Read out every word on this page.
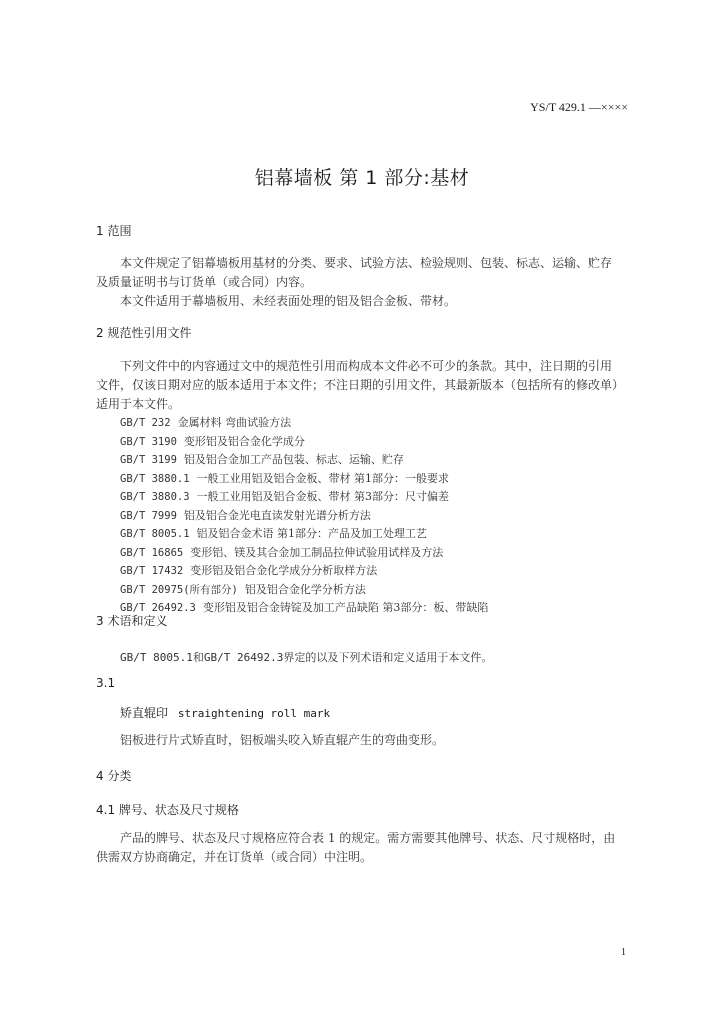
YS/T 429.1 —××××
铝幕墙板 第 1 部分:基材
1 范围
本文件规定了铝幕墙板用基材的分类、要求、试验方法、检验规则、包装、标志、运输、贮存
及质量证明书与订货单（或合同）内容。
本文件适用于幕墙板用、未经表面处理的铝及铝合金板、带材。
2 规范性引用文件
下列文件中的内容通过文中的规范性引用而构成本文件必不可少的条款。其中，注日期的引用
文件，仅该日期对应的版本适用于本文件；不注日期的引用文件，其最新版本（包括所有的修改单）
适用于本文件。
GB/T 232 金属材料 弯曲试验方法
GB/T 3190 变形铝及铝合金化学成分
GB/T 3199 铝及铝合金加工产品包装、标志、运输、贮存
GB/T 3880.1 一般工业用铝及铝合金板、带材 第1部分：一般要求
GB/T 3880.3 一般工业用铝及铝合金板、带材 第3部分：尺寸偏差
GB/T 7999 铝及铝合金光电直读发射光谱分析方法
GB/T 8005.1 铝及铝合金术语 第1部分：产品及加工处理工艺
GB/T 16865 变形铝、镁及其合金加工制品拉伸试验用试样及方法
GB/T 17432 变形铝及铝合金化学成分分析取样方法
GB/T 20975(所有部分) 铝及铝合金化学分析方法
GB/T 26492.3 变形铝及铝合金铸锭及加工产品缺陷 第3部分：板、带缺陷
3 术语和定义
GB/T 8005.1和GB/T 26492.3界定的以及下列术语和定义适用于本文件。
3.1
矫直辊印 straightening roll mark
铝板进行片式矫直时，铝板端头咬入矫直辊产生的弯曲变形。
4 分类
4.1 牌号、状态及尺寸规格
产品的牌号、状态及尺寸规格应符合表 1 的规定。需方需要其他牌号、状态、尺寸规格时，由
供需双方协商确定，并在订货单（或合同）中注明。
1
